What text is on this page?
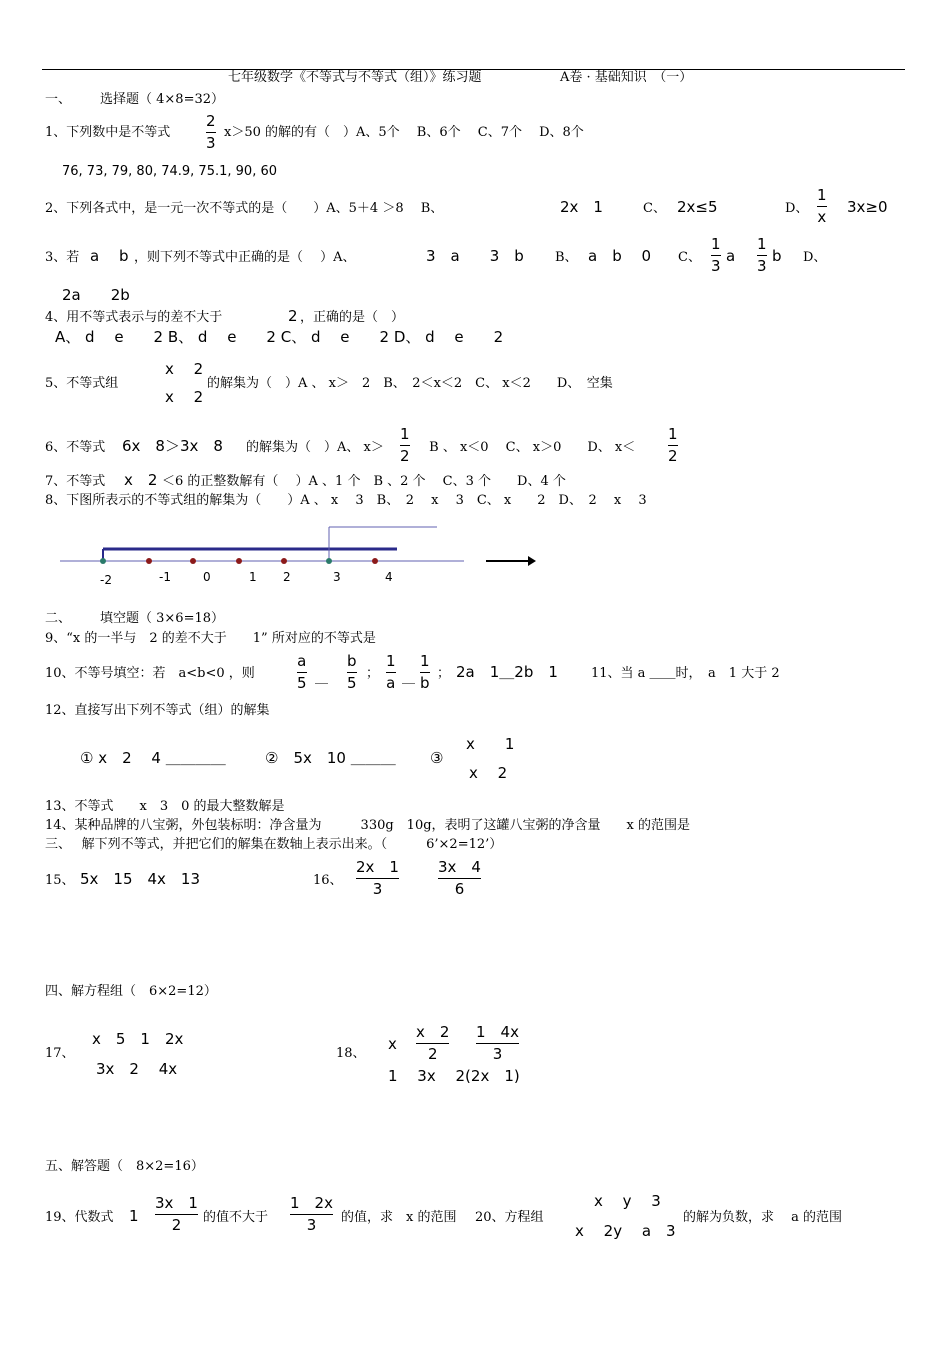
七年级数学《不等式与不等式（组）》练习题	A卷 · 基础知识　（一）
一、 选择题（ 4×8=32）
1、下列数中是不等式
2
3
x＞50 的解的有（　）A、5个　 B、6个　 C、7个　 D、8个
76, 73, 79, 80, 74.9, 75.1, 90, 60
2、下列各式中，是一元一次不等式的是（　　）A、5＋4 ＞8　 B、	2x　1	C、 2x≤5	D、
1
x
3x≥0
3、若 a　 b ，则下列不等式中正确的是（　 ）A、	3　a　　3　b B、 a　b　 0 C、
1
3
a
1
3
b D、
2a　　2b
4、用不等式表示与的差不大于	2 ，正确的是（　）
A、 d　 e　　2 B、 d　 e　　2 C、 d　 e　　2 D、 d　 e　　2
5、不等式组
x　 2
x　 2
的解集为（　）A 、 x＞　2　B、　2＜x＜2　C、 x＜2　　D、　空集
6、不等式 6x　8＞3x　8 的解集为（　）A、 x＞
1
2 　 B 、 x＜0　 C、 x＞0　　D、 x＜
1
2
7、不等式 x　2 ＜6 的正整数解有（　 ）A 、1 个　B 、2 个　 C、3 个　　D、4 个
8、下图所表示的不等式组的解集为（　　）A 、 x　 3　B、　2　 x　 3　C、 x　　2　D、　2　 x　 3
-2	-1	0	1 2	3	4
二、 填空题（ 3×6=18）
9、“x 的一半与　2 的差不大于　　1” 所对应的不等式是
10、不等号填空：若　a<b<0 ，则
a
5 ＿
b
5
；
1
a ＿
1
b
； 2a　1＿2b　1	11、当 a ＿＿时，　a　1 大于 2
12、直接写出下列不等式（组）的解集
① x　2　 4 ＿＿＿＿	②　5x　10 ＿＿＿ ③
x　　1
x　 2
13、不等式　　x　3　0 的最大整数解是
14、某种品牌的八宝粥，外包装标明：净含量为　　　330g　10g，表明了这罐八宝粥的净含量　　x 的范围是
三、　 解下列不等式，并把它们的解集在数轴上表示出来。（　　　6’×2=12’）
15、 5x　15　4x　13	16、
2x　1
3
3x　4
6
四、解方程组（　6×2=12）
17、
x　5　1　2x
3x　2　 4x
18、
x
x　2
2
1　4x
3
1　 3x　 2(2x　1)
五、解答题（　8×2=16）
19、代数式 1
3x　1
2 的值不大于
1　2x
3 的值，求　x 的范围 20、方程组
x　 y　 3
x　 2y　 a　3
的解为负数，求　 a 的范围
